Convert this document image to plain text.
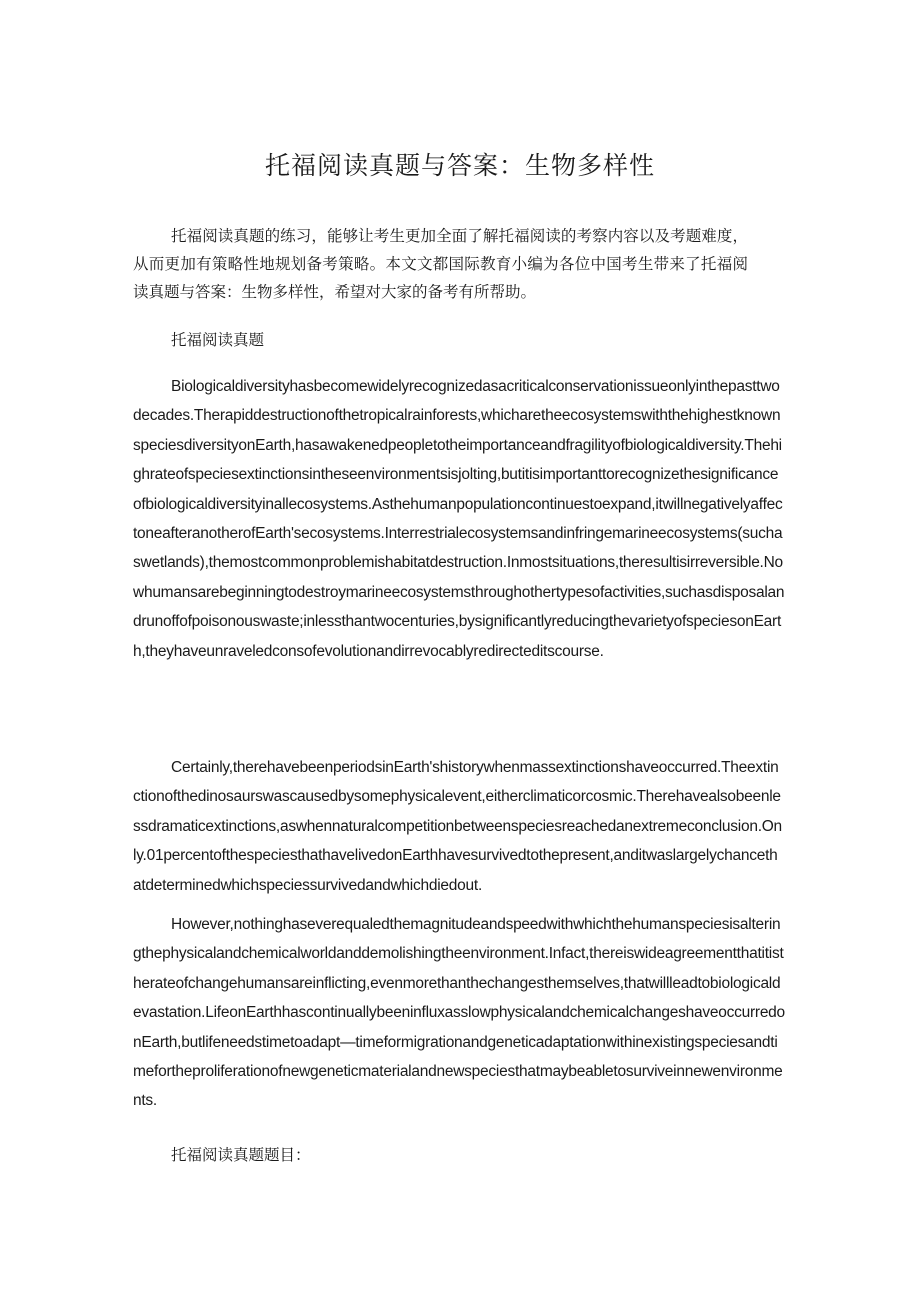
托福阅读真题与答案：生物多样性

托福阅读真题的练习，能够让考生更加全面了解托福阅读的考察内容以及考题难度，从而更加有策略性地规划备考策略。本文文都国际教育小编为各位中国考生带来了托福阅读真题与答案：生物多样性，希望对大家的备考有所帮助。

托福阅读真题

Biologicaldiversityhasbecomewidelyrecognizedasacriticalconservationissueonlyinthepasttwodecades.Therapiddestructionofthetropicalrainforests,whicharetheecosystemswiththehighestknownspeciesdiversityonEarth,hasawakenedpeopletotheimportanceandfragilityofbiologicaldiversity.Thehighrateofspeciesextinctionsintheseenvironmentsisjolting,butitisimportanttorecognizethesignificanceofbiologicaldiversityinallecosystems.Asthehumanpopulationcontinuestoexpand,itwillnegativelyaffectoneafteranotherofEarth'secosystems.Interrestrialecosystemsandinfringemarineecosystems(suchaswetlands),themostcommonproblemishabitatdestruction.Inmostsituations,theresultisirreversible.Nowhumansarebeginningtodestroymarineecosystemsthroughothertypesofactivities,suchasdisposalandrunoffofpoisonouswaste;inlessthantwocenturies,bysignificantlyreducingthevarietyofspeciesonEarth,theyhaveunraveledconsofevolutionandirrevocablyredirecteditscourse.

Certainly,therehavebeenperiodsinEarth'shistorywhenmassextinctionshaveoccurred.Theextinctionofthedinosaurswascausedbysomephysicalevent,eitherclimaticorcosmic.Therehavealsobeenlessdramaticextinctions,aswhennaturalcompetitionbetweenspeciesreachedanextremeconclusion.Only.01percentofthespeciesthathavelivedonEarthhavesurvivedtothepresent,anditwaslargelychancethatdeterminedwhichspeciessurvivedandwhichdiedout.

However,nothinghaseverequaledthemagnitudeandspeedwithwhichthehumanspeciesisalteringthephysicalandchemicalworldanddemolishingtheenvironment.Infact,thereiswideagreementthatitistherateofchangehumansareinflicting,evenmorethanthechangesthemselves,thatwillleadtobiologicaldevastation.LifeonEarthhascontinuallybeeninfluxasslowphysicalandchemicalchangeshaveoccurredonEarth,butlifeneedstimetoadapt—timeformigrationandgeneticadaptationwithinexistingspeciesandtimefortheproliferationofnewgeneticmaterialandnewspeciesthatmaybeabletosurviveinnewenvironments.

托福阅读真题题目：
